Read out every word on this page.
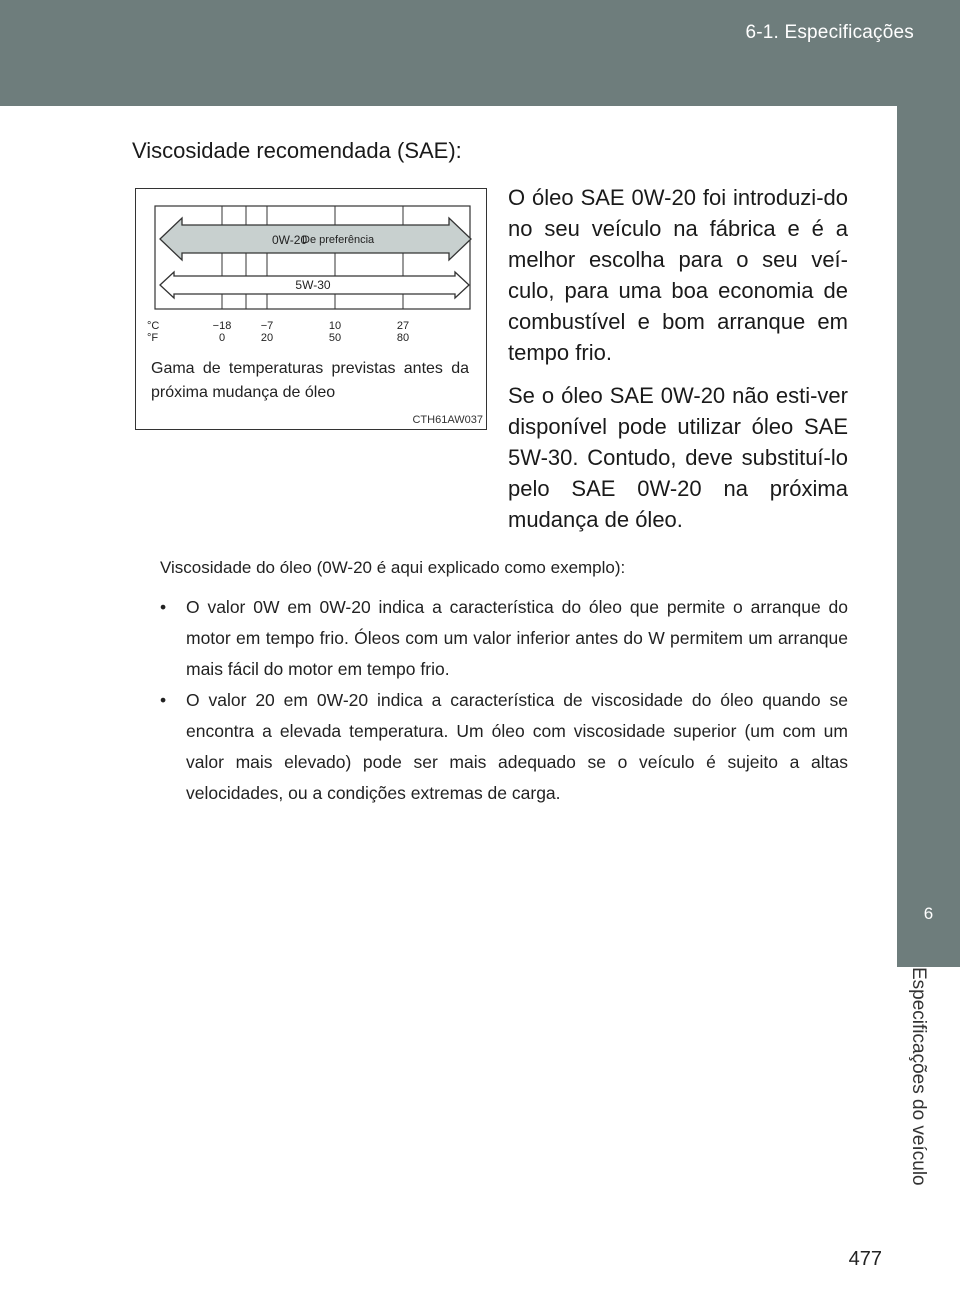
6-1. Especificações
6
Especificações do veículo
Viscosidade recomendada (SAE):
0W-20
De preferência
5W-30
°C
°F
−18	−7	10	27
0	20	50	80
Gama de temperaturas previstas antes da próxima mudança de óleo
CTH61AW037

O óleo SAE 0W-20 foi introduzi-do no seu veículo na fábrica e é a melhor escolha para o seu veí-culo, para uma boa economia de combustível e bom arranque em tempo frio.

Se o óleo SAE 0W-20 não esti-ver disponível pode utilizar óleo SAE 5W-30. Contudo, deve substituí-lo pelo SAE 0W-20 na próxima mudança de óleo.

Viscosidade do óleo (0W-20 é aqui explicado como exemplo):
• O valor 0W em 0W-20 indica a característica do óleo que permite o arranque do motor em tempo frio. Óleos com um valor inferior antes do W permitem um arranque mais fácil do motor em tempo frio.
• O valor 20 em 0W-20 indica a característica de viscosidade do óleo quando se encontra a elevada temperatura. Um óleo com viscosidade superior (um com um valor mais elevado) pode ser mais adequado se o veículo é sujeito a altas velocidades, ou a condições extremas de carga.
477
